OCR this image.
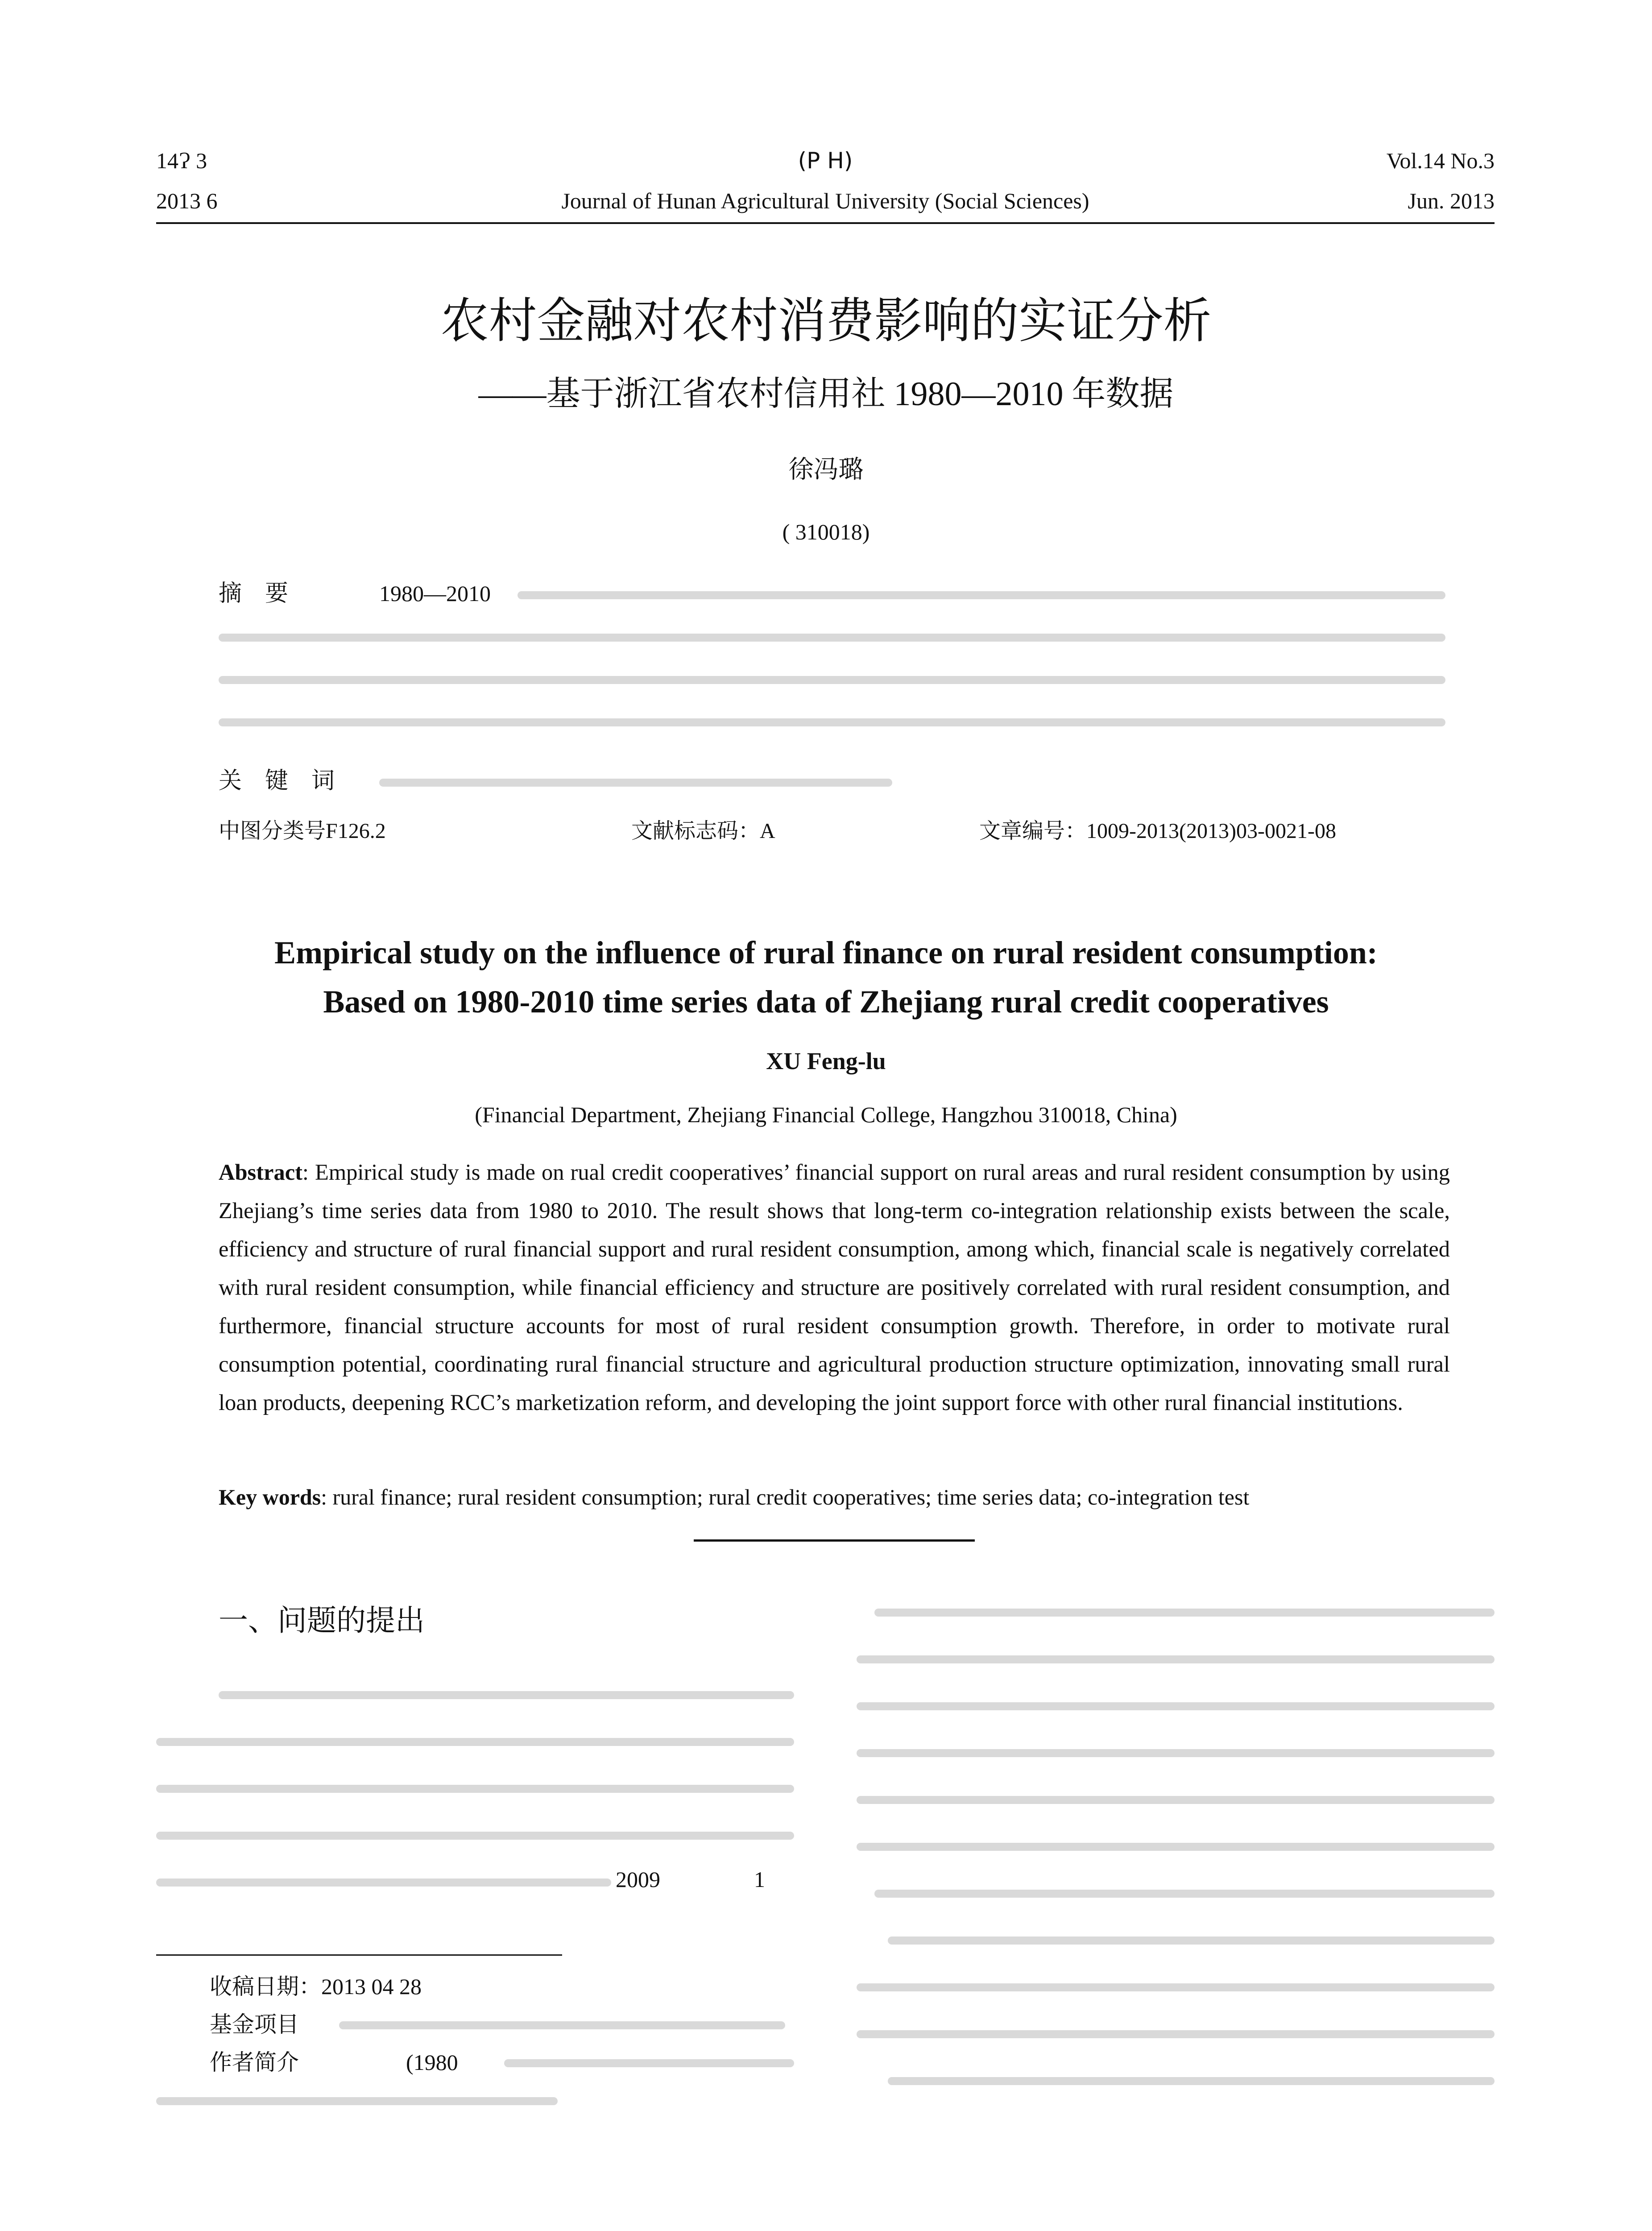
14Ɂ 3	(P H)	Vol.14 No.3
2013 6	Journal of Hunan Agricultural University (Social Sciences)	Jun. 2013
农村金融对农村消费影响的实证分析
——基于浙江省农村信用社 1980—2010 年数据
徐冯璐
( 310018)
摘　要	1980—2010
关　键　词
中图分类号F126.2	文献标志码：A	文章编号：1009-2013(2013)03-0021-08
Empirical study on the influence of rural finance on rural resident consumption:
Based on 1980-2010 time series data of Zhejiang rural credit cooperatives
XU Feng-lu
(Financial Department, Zhejiang Financial College, Hangzhou 310018, China)

Abstract: Empirical study is made on rual credit cooperatives’ financial support on rural areas and rural resident consumption by using Zhejiang’s time series data from 1980 to 2010. The result shows that long-term co-integration relationship exists between the scale, efficiency and structure of rural financial support and rural resident consumption, among which, financial scale is negatively correlated with rural resident consumption, while financial efficiency and structure are positively correlated with rural resident consumption, and furthermore, financial structure accounts for most of rural resident consumption growth. Therefore, in order to motivate rural consumption potential, coordinating rural financial structure and agricultural production structure optimization, innovating small rural loan products, deepening RCC’s marketization reform, and developing the joint support force with other rural financial institutions.

Key words: rural finance; rural resident consumption; rural credit cooperatives; time series data; co-integration test

一、问题的提出
2009	1
收稿日期：2013 04 28
基金项目
作者简介	(1980
